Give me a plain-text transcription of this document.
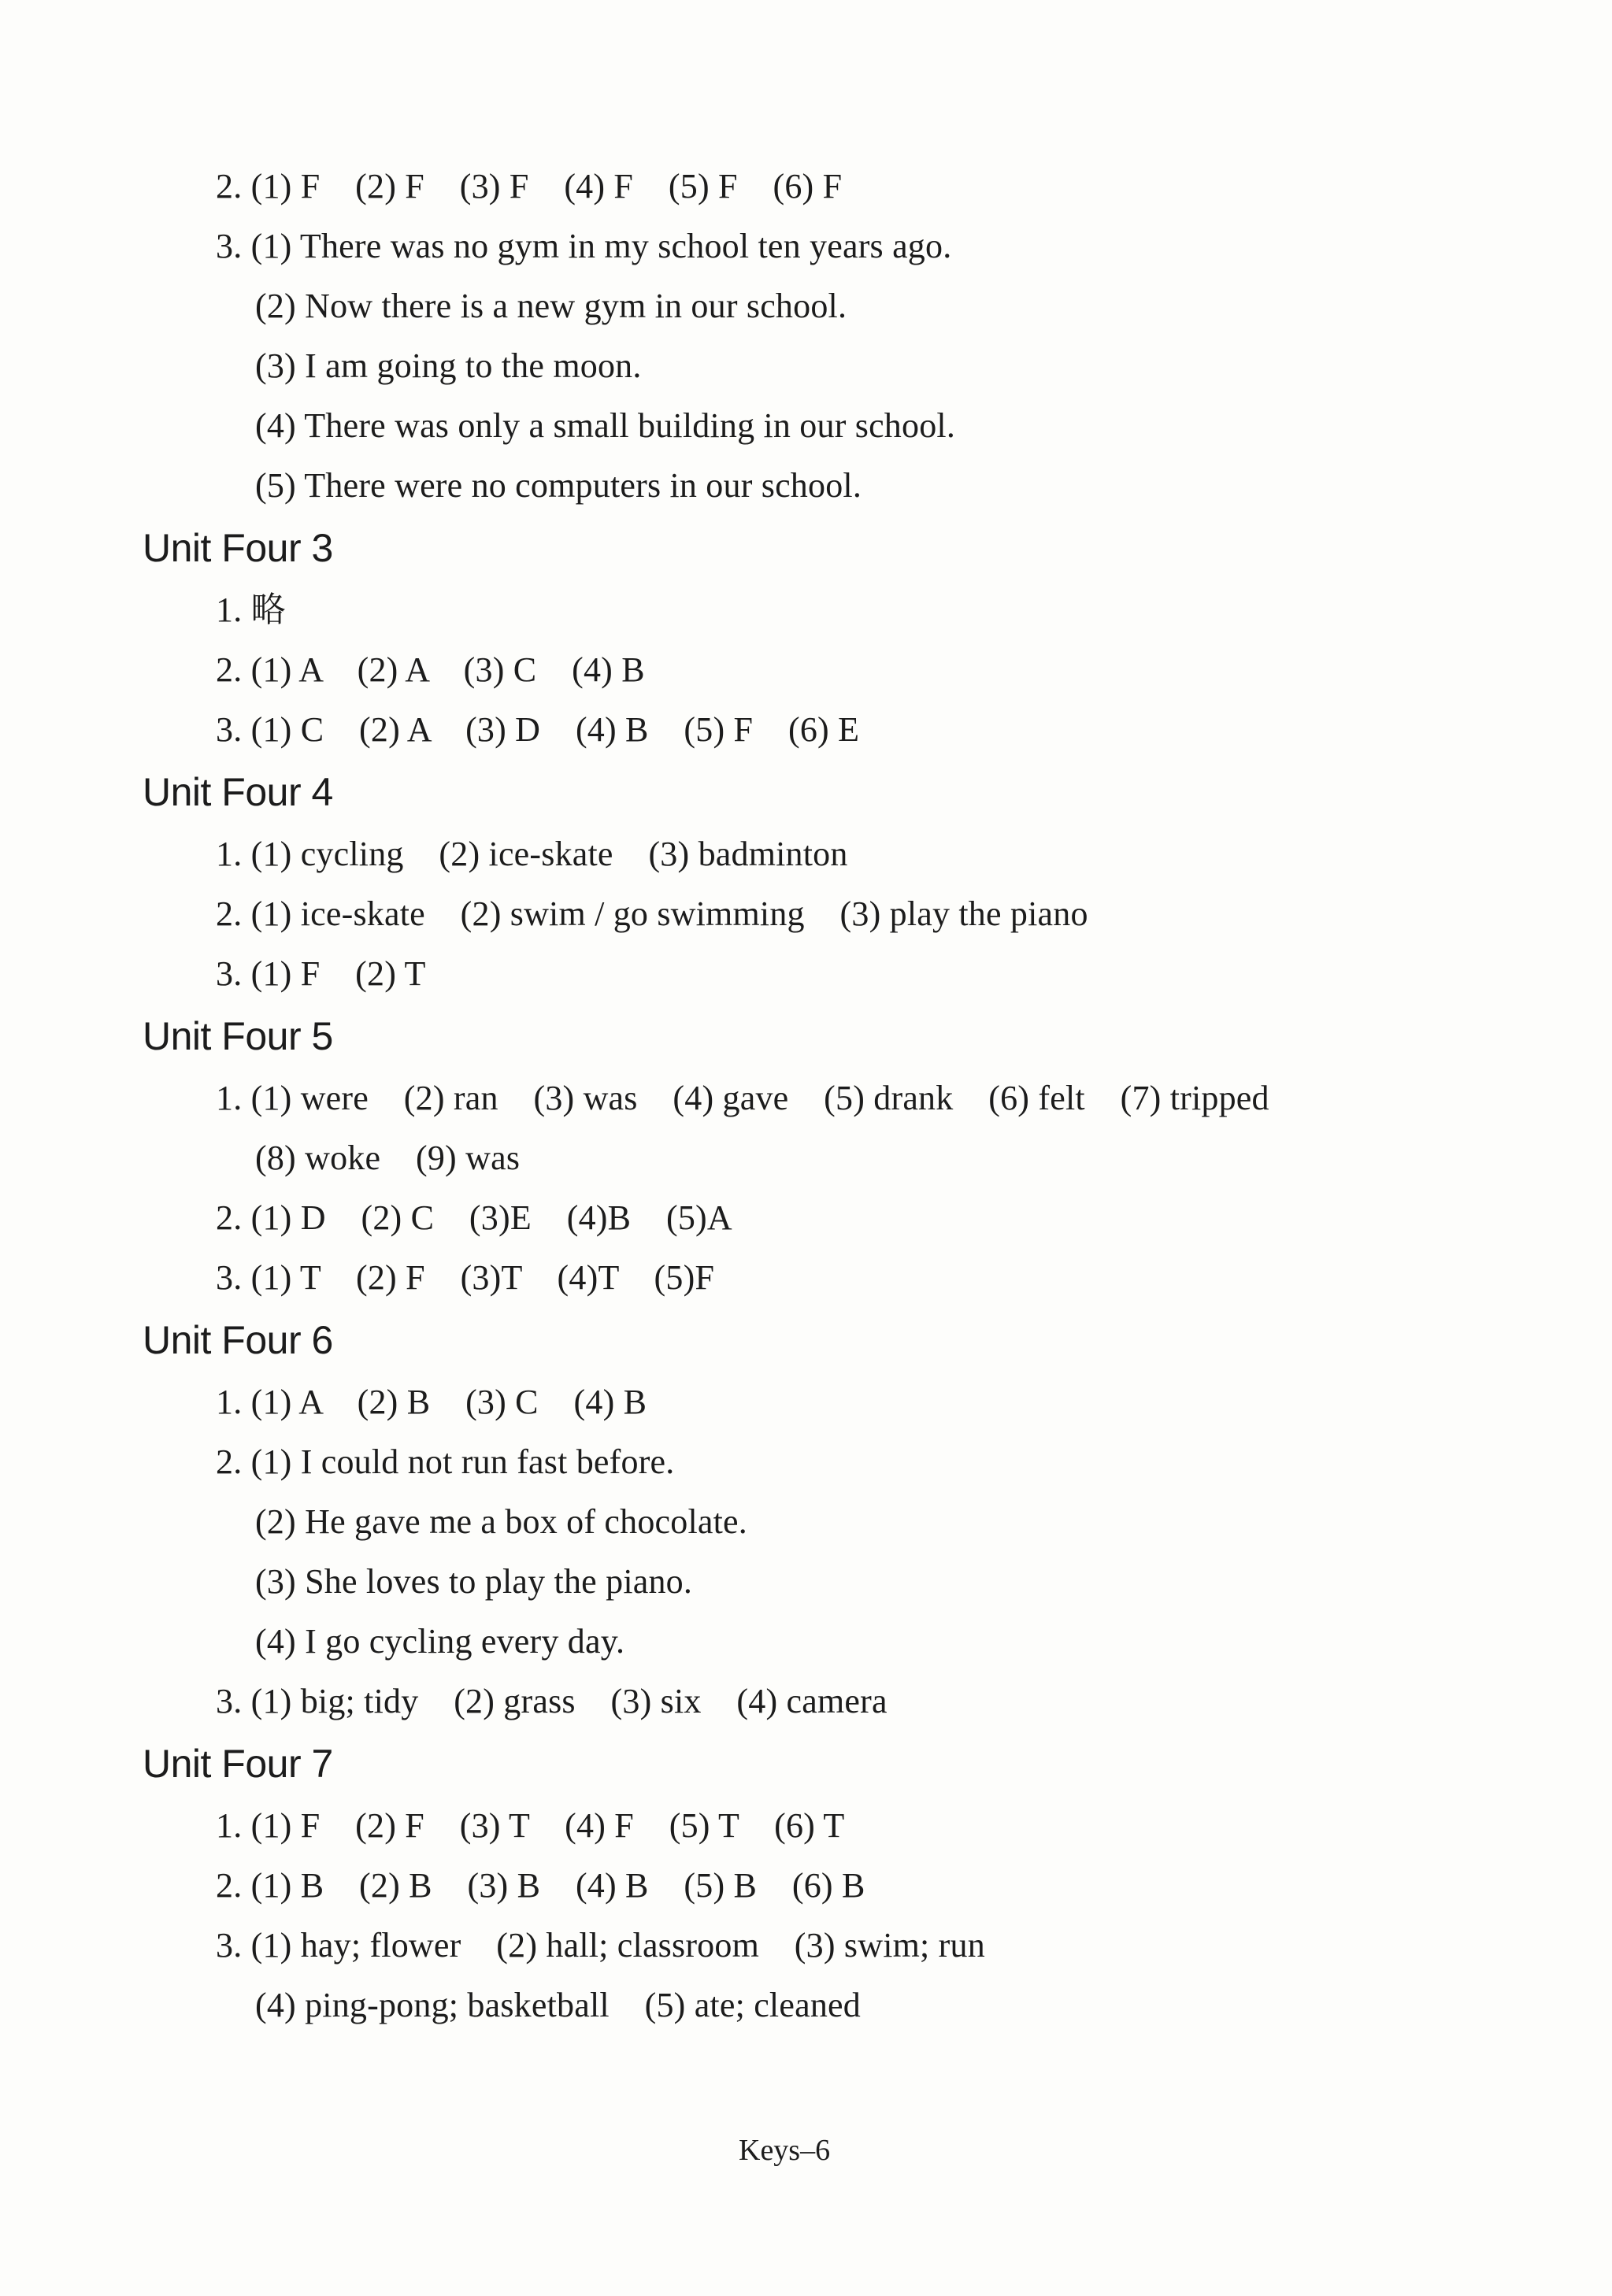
2. (1) F    (2) F    (3) F    (4) F    (5) F    (6) F
3. (1) There was no gym in my school ten years ago.
(2) Now there is a new gym in our school.
(3) I am going to the moon.
(4) There was only a small building in our school.
(5) There were no computers in our school.
Unit Four 3
1. 略
2. (1) A    (2) A    (3) C    (4) B
3. (1) C    (2) A    (3) D    (4) B    (5) F    (6) E
Unit Four 4
1. (1) cycling    (2) ice-skate    (3) badminton
2. (1) ice-skate    (2) swim / go swimming    (3) play the piano
3. (1) F    (2) T
Unit Four 5
1. (1) were    (2) ran    (3) was    (4) gave    (5) drank    (6) felt    (7) tripped
(8) woke    (9) was
2. (1) D    (2) C    (3)E    (4)B    (5)A
3. (1) T    (2) F    (3)T    (4)T    (5)F
Unit Four 6
1. (1) A    (2) B    (3) C    (4) B
2. (1) I could not run fast before.
(2) He gave me a box of chocolate.
(3) She loves to play the piano.
(4) I go cycling every day.
3. (1) big; tidy    (2) grass    (3) six    (4) camera
Unit Four 7
1. (1) F    (2) F    (3) T    (4) F    (5) T    (6) T
2. (1) B    (2) B    (3) B    (4) B    (5) B    (6) B
3. (1) hay; flower    (2) hall; classroom    (3) swim; run
(4) ping-pong; basketball    (5) ate; cleaned
Keys–6
